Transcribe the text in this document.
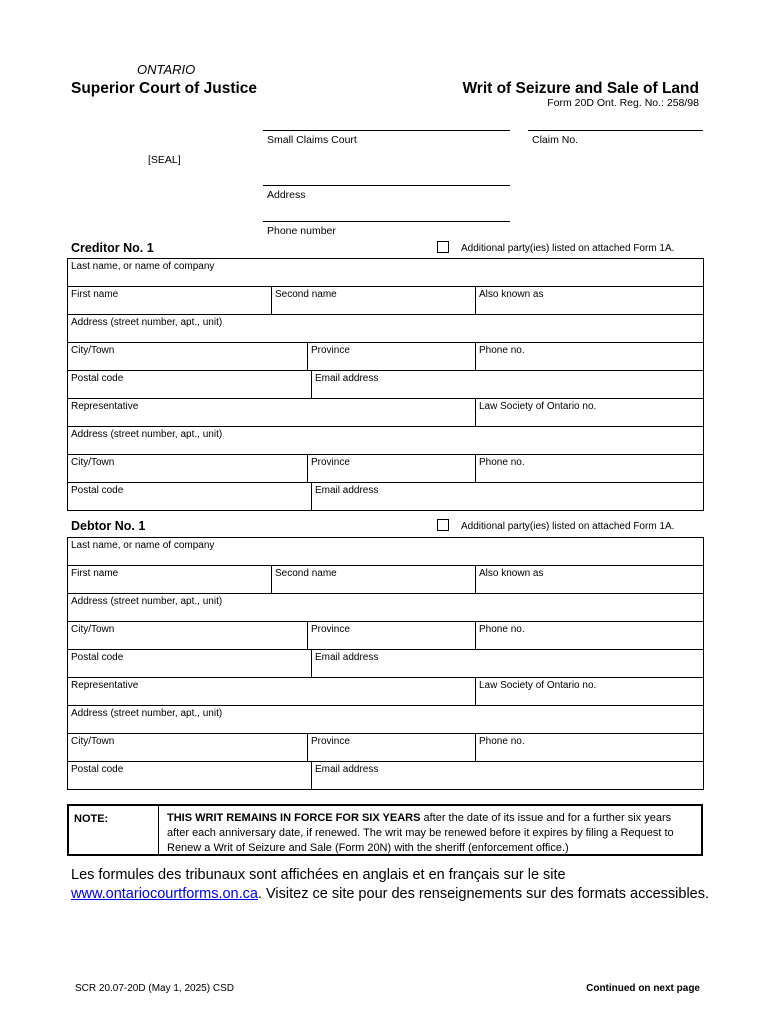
ONTARIO
Superior Court of Justice	Writ of Seizure and Sale of Land
Form 20D Ont. Reg. No.: 258/98
Small Claims Court	Claim No.
[SEAL]
Address
Phone number
Creditor No. 1	Additional party(ies) listed on attached Form 1A.
Last name, or name of company				
First name	Second name			Also known as
Address (street number, apt., unit)				
City/Town		Province		Phone no.
Postal code			Email address	
Representative				Law Society of Ontario no.
Address (street number, apt., unit)				
City/Town		Province		Phone no.
Postal code			Email address	
Debtor No. 1	Additional party(ies) listed on attached Form 1A.
Last name, or name of company				
First name	Second name			Also known as
Address (street number, apt., unit)				
City/Town		Province		Phone no.
Postal code			Email address	
Representative				Law Society of Ontario no.
Address (street number, apt., unit)				
City/Town		Province		Phone no.
Postal code			Email address	
NOTE:	THIS WRIT REMAINS IN FORCE FOR SIX YEARS after the date of its issue and for a further six years after each anniversary date, if renewed. The writ may be renewed before it expires by filing a Request to Renew a Writ of Seizure and Sale (Form 20N) with the sheriff (enforcement office.)
Les formules des tribunaux sont affichées en anglais et en français sur le site
www.ontariocourtforms.on.ca. Visitez ce site pour des renseignements sur des formats accessibles.
SCR 20.07-20D (May 1, 2025) CSD	Continued on next page
